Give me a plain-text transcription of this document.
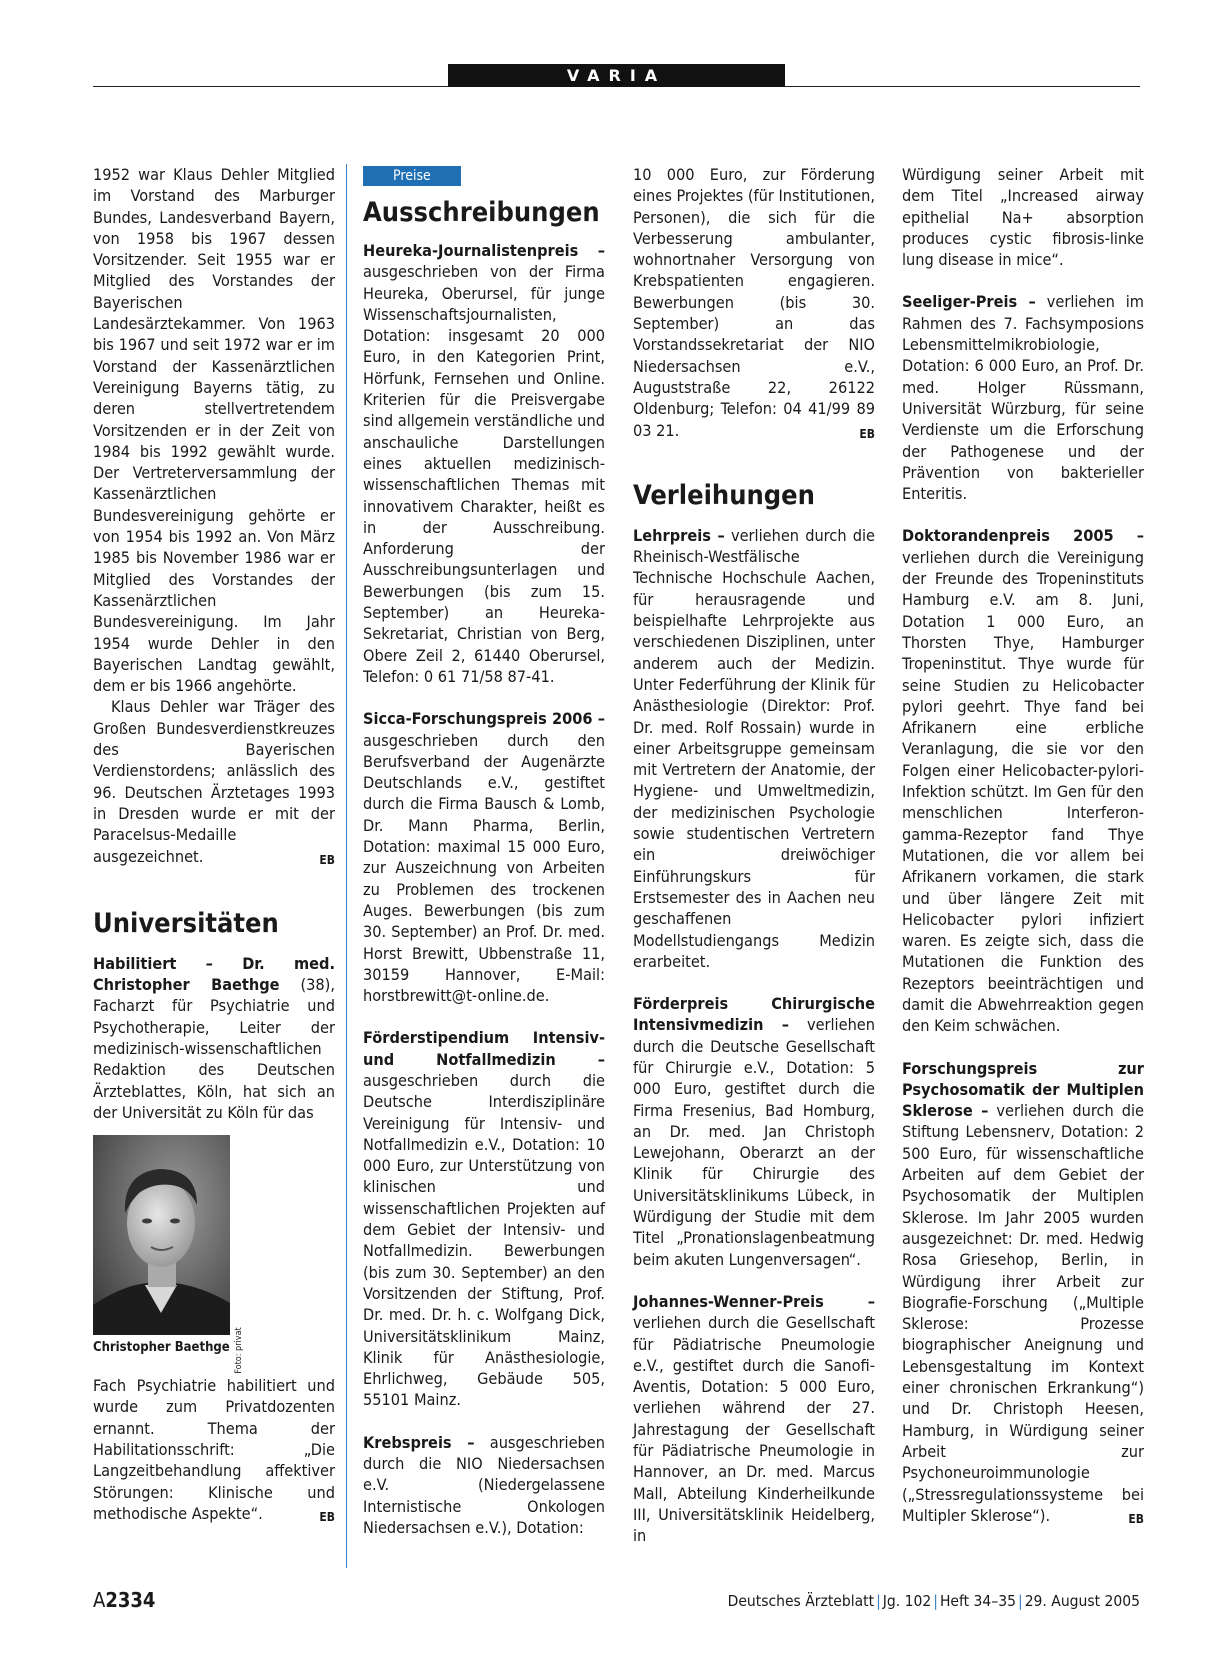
VARIA

1952 war Klaus Dehler Mitglied im Vorstand des Marburger Bundes, Landesverband Bayern, von 1958 bis 1967 dessen Vorsitzender. Seit 1955 war er Mitglied des Vorstandes der Bayerischen Landesärztekammer. Von 1963 bis 1967 und seit 1972 war er im Vorstand der Kassenärztlichen Vereinigung Bayerns tätig, zu deren stellvertretendem Vorsitzenden er in der Zeit von 1984 bis 1992 gewählt wurde. Der Vertreterversammlung der Kassenärztlichen Bundesvereinigung gehörte er von 1954 bis 1992 an. Von März 1985 bis November 1986 war er Mitglied des Vorstandes der Kassenärztlichen Bundesvereinigung. Im Jahr 1954 wurde Dehler in den Bayerischen Landtag gewählt, dem er bis 1966 angehörte.

Klaus Dehler war Träger des Großen Bundesverdienstkreuzes des Bayerischen Verdienstordens; anlässlich des 96. Deutschen Ärztetages 1993 in Dresden wurde er mit der Paracelsus-Medaille ausgezeichnet.	EB

Universitäten

Habilitiert – Dr. med. Christopher Baethge (38), Facharzt für Psychiatrie und Psychotherapie, Leiter der medizinisch-wissenschaftlichen Redaktion des Deutschen Ärzteblattes, Köln, hat sich an der Universität zu Köln für das

Foto: privat
Christopher Baethge

Fach Psychiatrie habilitiert und wurde zum Privatdozenten ernannt. Thema der Habilitationsschrift: „Die Langzeitbehandlung affektiver Störungen: Klinische und methodische Aspekte“.	EB

Preise
Ausschreibungen

Heureka-Journalistenpreis – ausgeschrieben von der Firma Heureka, Oberursel, für junge Wissenschaftsjournalisten, Dotation: insgesamt 20 000 Euro, in den Kategorien Print, Hörfunk, Fernsehen und Online. Kriterien für die Preisvergabe sind allgemein verständliche und anschauliche Darstellungen eines aktuellen medizinisch-wissenschaftlichen Themas mit innovativem Charakter, heißt es in der Ausschreibung. Anforderung der Ausschreibungsunterlagen und Bewerbungen (bis zum 15. September) an Heureka-Sekretariat, Christian von Berg, Obere Zeil 2, 61440 Oberursel, Telefon: 0 61 71/58 87-41.

Sicca-Forschungspreis 2006 – ausgeschrieben durch den Berufsverband der Augenärzte Deutschlands e.V., gestiftet durch die Firma Bausch & Lomb, Dr. Mann Pharma, Berlin, Dotation: maximal 15 000 Euro, zur Auszeichnung von Arbeiten zu Problemen des trockenen Auges. Bewerbungen (bis zum 30. September) an Prof. Dr. med. Horst Brewitt, Ubbenstraße 11, 30159 Hannover, E-Mail: horstbrewitt@t-online.de.

Förderstipendium Intensiv- und Notfallmedizin – ausgeschrieben durch die Deutsche Interdisziplinäre Vereinigung für Intensiv- und Notfallmedizin e.V., Dotation: 10 000 Euro, zur Unterstützung von klinischen und wissenschaftlichen Projekten auf dem Gebiet der Intensiv- und Notfallmedizin. Bewerbungen (bis zum 30. September) an den Vorsitzenden der Stiftung, Prof. Dr. med. Dr. h. c. Wolfgang Dick, Universitätsklinikum Mainz, Klinik für Anästhesiologie, Ehrlichweg, Gebäude 505, 55101 Mainz.

Krebspreis – ausgeschrieben durch die NIO Niedersachsen e.V. (Niedergelassene Internistische Onkologen Niedersachsen e.V.), Dotation:

10 000 Euro, zur Förderung eines Projektes (für Institutionen, Personen), die sich für die Verbesserung ambulanter, wohnortnaher Versorgung von Krebspatienten engagieren. Bewerbungen (bis 30. September) an das Vorstandssekretariat der NIO Niedersachsen e.V., Auguststraße 22, 26122 Oldenburg; Telefon: 04 41/99 89 03 21.	EB

Verleihungen

Lehrpreis – verliehen durch die Rheinisch-Westfälische Technische Hochschule Aachen, für herausragende und beispielhafte Lehrprojekte aus verschiedenen Disziplinen, unter anderem auch der Medizin. Unter Federführung der Klinik für Anästhesiologie (Direktor: Prof. Dr. med. Rolf Rossain) wurde in einer Arbeitsgruppe gemeinsam mit Vertretern der Anatomie, der Hygiene- und Umweltmedizin, der medizinischen Psychologie sowie studentischen Vertretern ein dreiwöchiger Einführungskurs für Erstsemester des in Aachen neu geschaffenen Modellstudiengangs Medizin erarbeitet.

Förderpreis Chirurgische Intensivmedizin – verliehen durch die Deutsche Gesellschaft für Chirurgie e.V., Dotation: 5 000 Euro, gestiftet durch die Firma Fresenius, Bad Homburg, an Dr. med. Jan Christoph Lewejohann, Oberarzt an der Klinik für Chirurgie des Universitätsklinikums Lübeck, in Würdigung der Studie mit dem Titel „Pronationslagenbeatmung beim akuten Lungenversagen“.

Johannes-Wenner-Preis – verliehen durch die Gesellschaft für Pädiatrische Pneumologie e.V., gestiftet durch die Sanofi-Aventis, Dotation: 5 000 Euro, verliehen während der 27. Jahrestagung der Gesellschaft für Pädiatrische Pneumologie in Hannover, an Dr. med. Marcus Mall, Abteilung Kinderheilkunde III, Universitätsklinik Heidelberg, in

Würdigung seiner Arbeit mit dem Titel „Increased airway epithelial Na+ absorption produces cystic fibrosis-linke lung disease in mice“.

Seeliger-Preis – verliehen im Rahmen des 7. Fachsymposions Lebensmittelmikrobiologie, Dotation: 6 000 Euro, an Prof. Dr. med. Holger Rüssmann, Universität Würzburg, für seine Verdienste um die Erforschung der Pathogenese und der Prävention von bakterieller Enteritis.

Doktorandenpreis 2005 – verliehen durch die Vereinigung der Freunde des Tropeninstituts Hamburg e.V. am 8. Juni, Dotation 1 000 Euro, an Thorsten Thye, Hamburger Tropeninstitut. Thye wurde für seine Studien zu Helicobacter pylori geehrt. Thye fand bei Afrikanern eine erbliche Veranlagung, die sie vor den Folgen einer Helicobacter-pylori-Infektion schützt. Im Gen für den menschlichen Interferon-gamma-Rezeptor fand Thye Mutationen, die vor allem bei Afrikanern vorkamen, die stark und über längere Zeit mit Helicobacter pylori infiziert waren. Es zeigte sich, dass die Mutationen die Funktion des Rezeptors beeinträchtigen und damit die Abwehrreaktion gegen den Keim schwächen.

Forschungspreis zur Psychosomatik der Multiplen Sklerose – verliehen durch die Stiftung Lebensnerv, Dotation: 2 500 Euro, für wissenschaftliche Arbeiten auf dem Gebiet der Psychosomatik der Multiplen Sklerose. Im Jahr 2005 wurden ausgezeichnet: Dr. med. Hedwig Rosa Griesehop, Berlin, in Würdigung ihrer Arbeit zur Biografie-Forschung („Multiple Sklerose: Prozesse biographischer Aneignung und Lebensgestaltung im Kontext einer chronischen Erkrankung“) und Dr. Christoph Heesen, Hamburg, in Würdigung seiner Arbeit zur Psychoneuroimmunologie („Stressregulationssysteme bei Multipler Sklerose“).	EB

A2334	Deutsches Ärzteblatt | Jg. 102 | Heft 34–35 | 29. August 2005
